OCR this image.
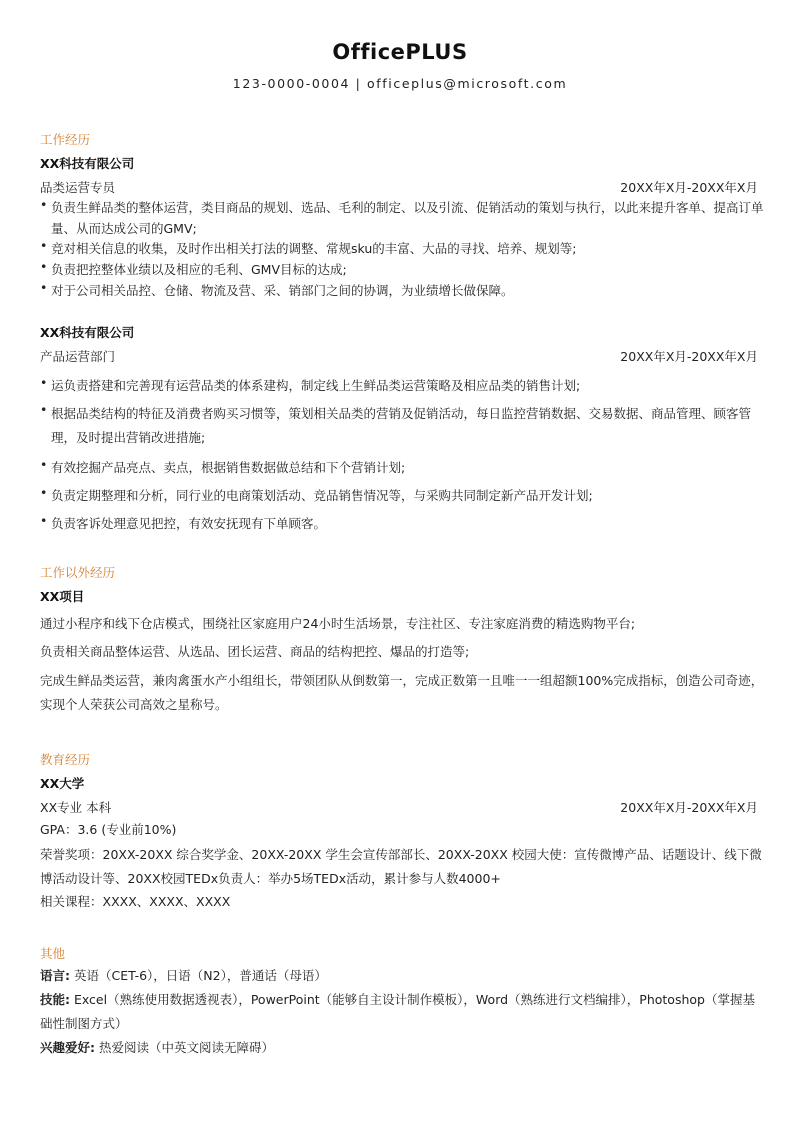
OfficePLUS
123-0000-0004 | officeplus@microsoft.com
工作经历
XX科技有限公司
品类运营专员	20XX年X月-20XX年X月
• 负责生鲜品类的整体运营，类目商品的规划、选品、毛利的制定、以及引流、促销活动的策划与执行，以此来提升客单、提高订单量、从而达成公司的GMV;
• 竞对相关信息的收集，及时作出相关打法的调整、常规sku的丰富、大品的寻找、培养、规划等;
• 负责把控整体业绩以及相应的毛利、GMV目标的达成;
• 对于公司相关品控、仓储、物流及营、采、销部门之间的协调，为业绩增长做保障。
XX科技有限公司
产品运营部门	20XX年X月-20XX年X月
• 运负责搭建和完善现有运营品类的体系建构，制定线上生鲜品类运营策略及相应品类的销售计划;
• 根据品类结构的特征及消费者购买习惯等，策划相关品类的营销及促销活动，每日监控营销数据、交易数据、商品管理、顾客管理，及时提出营销改进措施;
• 有效挖掘产品亮点、卖点，根据销售数据做总结和下个营销计划;
• 负责定期整理和分析，同行业的电商策划活动、竞品销售情况等，与采购共同制定新产品开发计划;
• 负责客诉处理意见把控，有效安抚现有下单顾客。
工作以外经历
XX项目
通过小程序和线下仓店模式，围绕社区家庭用户24小时生活场景，专注社区、专注家庭消费的精选购物平台;
负责相关商品整体运营、从选品、团长运营、商品的结构把控、爆品的打造等;
完成生鲜品类运营，兼肉禽蛋水产小组组长，带领团队从倒数第一，完成正数第一且唯一一组超额100%完成指标，创造公司奇迹，实现个人荣获公司高效之星称号。
教育经历
XX大学
XX专业 本科	20XX年X月-20XX年X月
GPA：3.6 (专业前10%)
荣誉奖项：20XX-20XX 综合奖学金、20XX-20XX 学生会宣传部部长、20XX-20XX 校园大使：宣传微博产品、话题设计、线下微博活动设计等、20XX校园TEDx负责人：举办5场TEDx活动，累计参与人数4000+
相关课程：XXXX、XXXX、XXXX
其他
语言: 英语（CET-6），日语（N2），普通话（母语）
技能: Excel（熟练使用数据透视表），PowerPoint（能够自主设计制作模板），Word（熟练进行文档编排），Photoshop（掌握基础性制图方式）
兴趣爱好: 热爱阅读（中英文阅读无障碍）
